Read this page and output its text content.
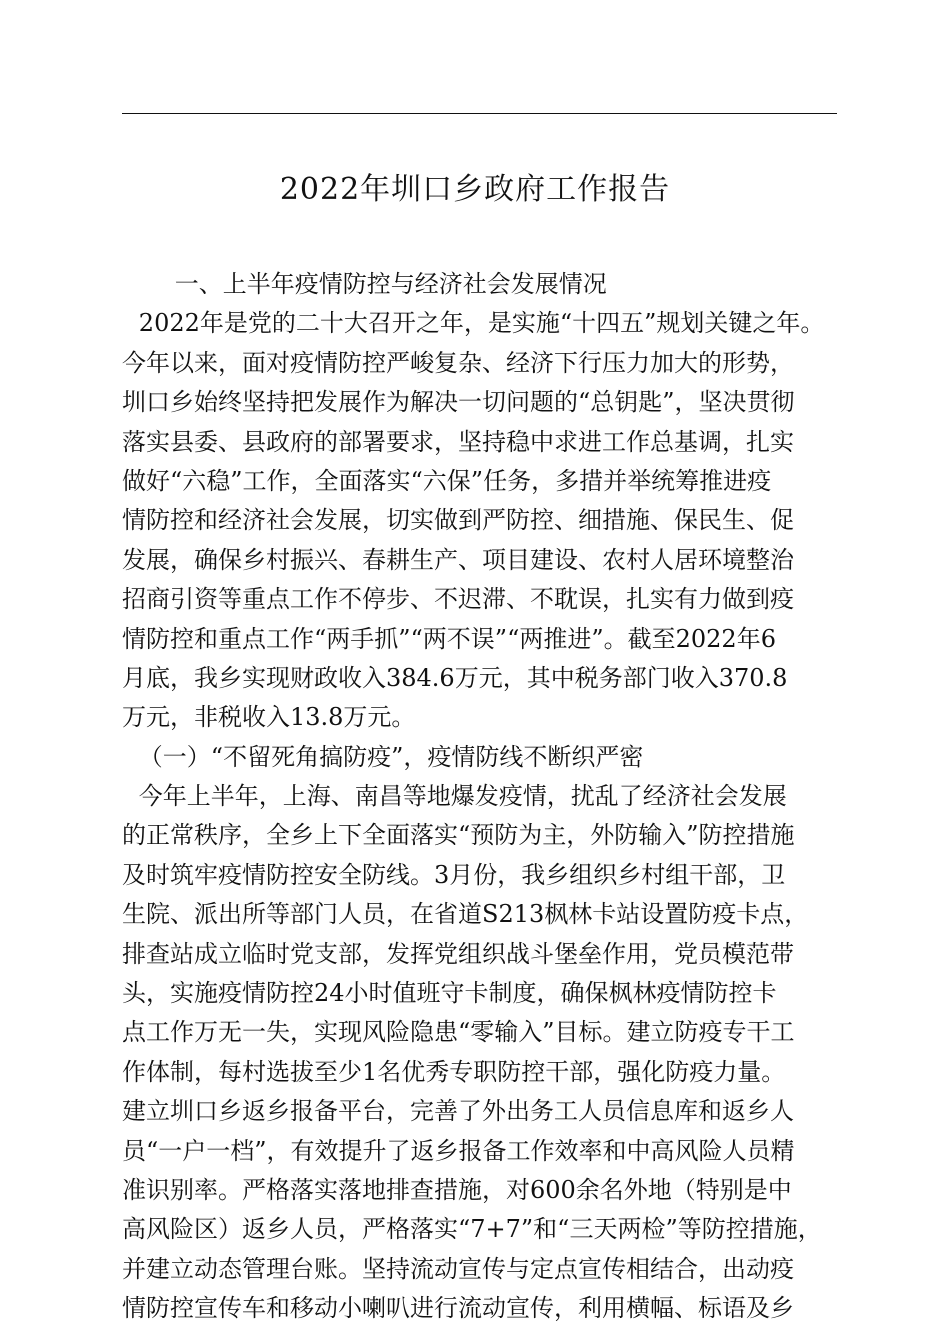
2022年圳口乡政府工作报告
一、上半年疫情防控与经济社会发展情况
2022年是党的二十大召开之年，是实施“十四五”规划关键之年。
今年以来，面对疫情防控严峻复杂、经济下行压力加大的形势，
圳口乡始终坚持把发展作为解决一切问题的“总钥匙”，坚决贯彻
落实县委、县政府的部署要求，坚持稳中求进工作总基调，扎实
做好“六稳”工作，全面落实“六保”任务，多措并举统筹推进疫
情防控和经济社会发展，切实做到严防控、细措施、保民生、促
发展，确保乡村振兴、春耕生产、项目建设、农村人居环境整治
招商引资等重点工作不停步、不迟滞、不耽误，扎实有力做到疫
情防控和重点工作“两手抓”“两不误”“两推进”。截至2022年6
月底，我乡实现财政收入384.6万元，其中税务部门收入370.8
万元，非税收入13.8万元。
（一）“不留死角搞防疫”，疫情防线不断织严密
今年上半年，上海、南昌等地爆发疫情，扰乱了经济社会发展
的正常秩序，全乡上下全面落实“预防为主，外防输入”防控措施
及时筑牢疫情防控安全防线。3月份，我乡组织乡村组干部，卫
生院、派出所等部门人员，在省道S213枫林卡站设置防疫卡点，
排查站成立临时党支部，发挥党组织战斗堡垒作用，党员模范带
头，实施疫情防控24小时值班守卡制度，确保枫林疫情防控卡
点工作万无一失，实现风险隐患“零输入”目标。建立防疫专干工
作体制，每村选拔至少1名优秀专职防控干部，强化防疫力量。
建立圳口乡返乡报备平台，完善了外出务工人员信息库和返乡人
员“一户一档”，有效提升了返乡报备工作效率和中高风险人员精
准识别率。严格落实落地排查措施，对600余名外地（特别是中
高风险区）返乡人员，严格落实“7+7”和“三天两检”等防控措施，
并建立动态管理台账。坚持流动宣传与定点宣传相结合，出动疫
情防控宣传车和移动小喇叭进行流动宣传，利用横幅、标语及乡
